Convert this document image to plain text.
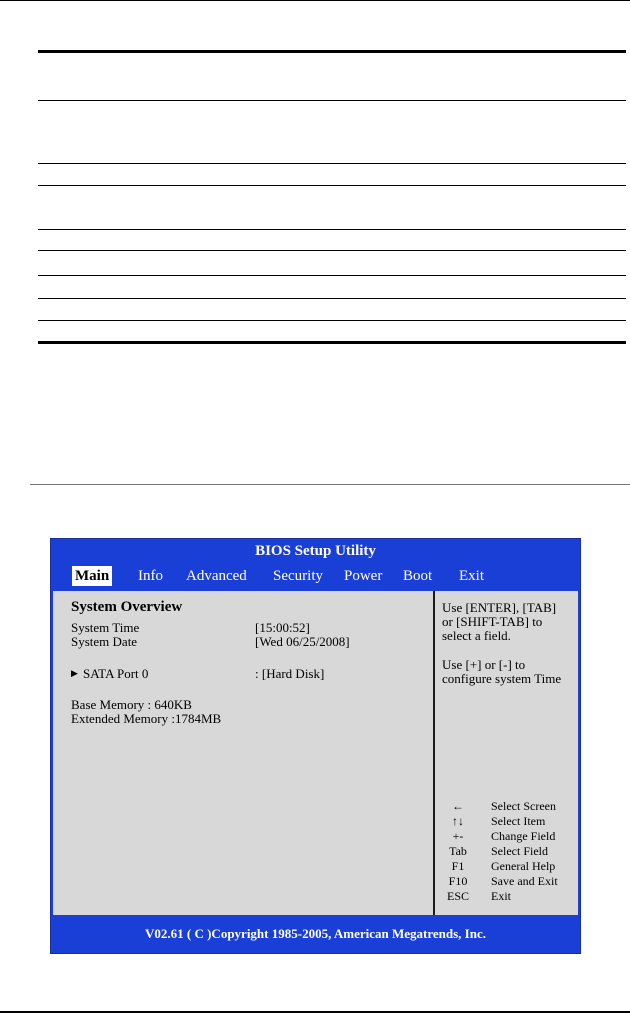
BIOS Setup Utility
Main Info Advanced Security Power Boot Exit
System Overview
System Time	[15:00:52]
System Date	[Wed 06/25/2008]
▶ SATA Port 0	: [Hard Disk]
Base Memory : 640KB
Extended Memory :1784MB
Use [ENTER], [TAB]
or [SHIFT-TAB] to
select a field.
Use [+] or [-] to
configure system Time
←	Select Screen
↑↓	Select Item
+-	Change Field
Tab	Select Field
F1	General Help
F10	Save and Exit
ESC	Exit
V02.61 ( C )Copyright 1985-2005, American Megatrends, Inc.
